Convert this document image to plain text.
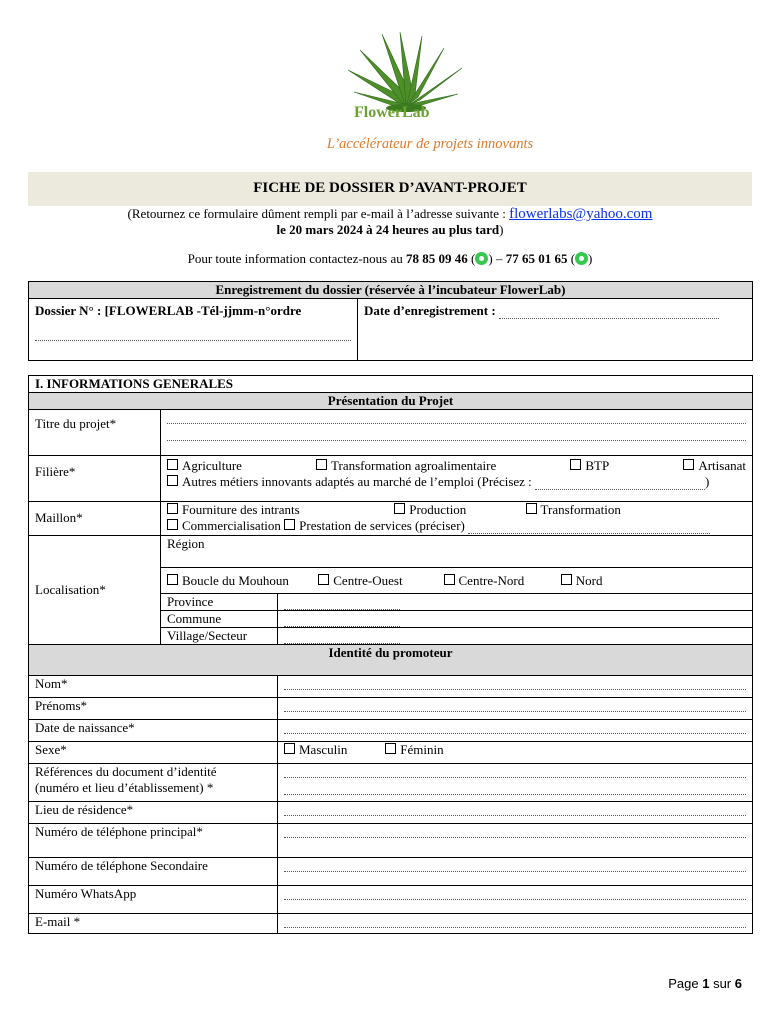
FlowerLab
L’accélérateur de projets innovants
FICHE DE DOSSIER D’AVANT-PROJET
(Retournez ce formulaire dûment rempli par e-mail à l’adresse suivante : flowerlabs@yahoo.com
le 20 mars 2024 à 24 heures au plus tard)
Pour toute information contactez-nous au 78 85 09 46 ( ) – 77 65 01 65 ( )
Enregistrement du dossier (réservée à l’incubateur FlowerLab)
Dossier N° : [FLOWERLAB -Tél-jjmm-n°ordre	Date d’enregistrement :
I. INFORMATIONS GENERALES		
Présentation du Projet		
Titre du projet*		

Filière*	Agriculture Transformation agroalimentaire BTP Artisanat
Autres métiers innovants adaptés au marché de l’emploi (Précisez : )	

Maillon*	Fourniture des intrants Production Transformation
Commercialisation Prestation de services (préciser)	

Localisation*	Région	
	Boucle du Mouhoun Centre-Ouest Centre-Nord Nord	
	Province	
	Commune	
	Village/Secteur	
Identité du promoteur		
Nom*		

Prénoms*		

Date de naissance*		

Sexe*		Masculin Féminin

Références du document d’identité
(numéro et lieu d’établissement) *		

Lieu de résidence*		

Numéro de téléphone principal*		

Numéro de téléphone Secondaire		

Numéro WhatsApp		

E-mail *		
Page 1 sur 6
